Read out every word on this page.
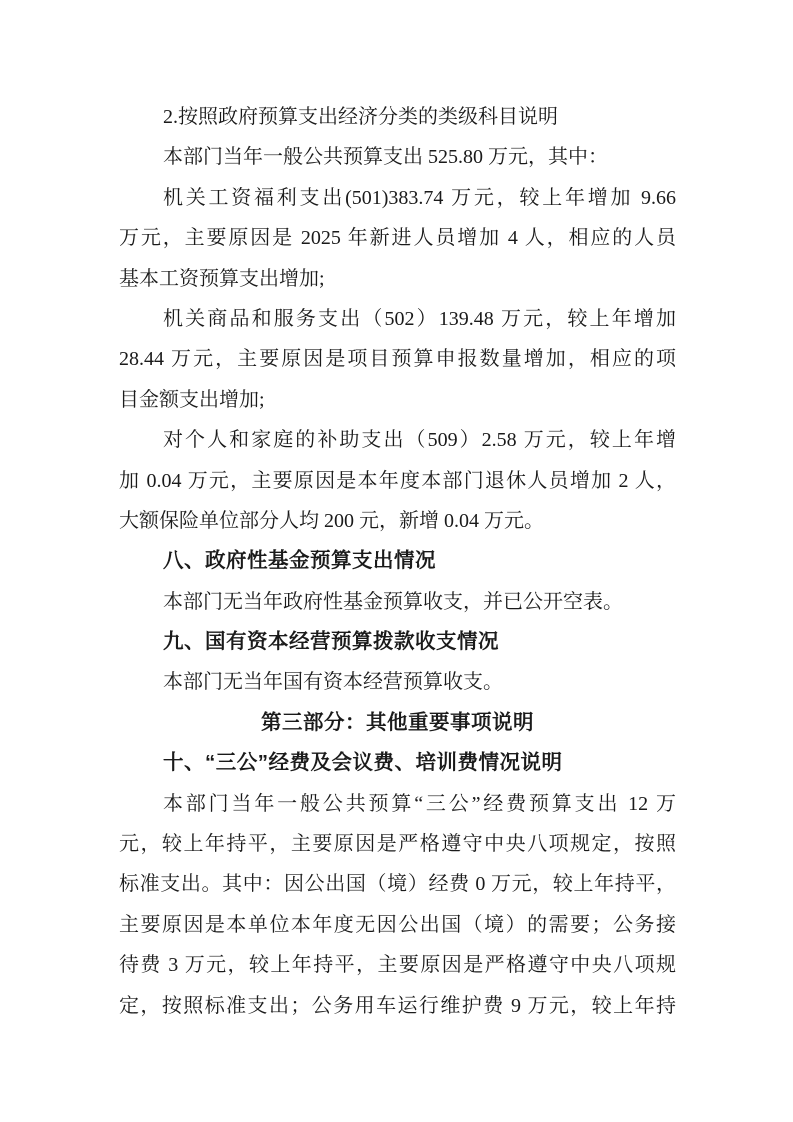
2.按照政府预算支出经济分类的类级科目说明
本部门当年一般公共预算支出 525.80 万元，其中：
机关工资福利支出(501)383.74 万元，较上年增加 9.66
万元，主要原因是 2025 年新进人员增加 4 人，相应的人员
基本工资预算支出增加;
机关商品和服务支出（502）139.48 万元，较上年增加
28.44 万元，主要原因是项目预算申报数量增加，相应的项
目金额支出增加;
对个人和家庭的补助支出（509）2.58 万元，较上年增
加 0.04 万元，主要原因是本年度本部门退休人员增加 2 人，
大额保险单位部分人均 200 元，新增 0.04 万元。
八、政府性基金预算支出情况
本部门无当年政府性基金预算收支，并已公开空表。
九、国有资本经营预算拨款收支情况
本部门无当年国有资本经营预算收支。
第三部分：其他重要事项说明
十、“三公”经费及会议费、培训费情况说明
本部门当年一般公共预算“三公”经费预算支出 12 万
元，较上年持平，主要原因是严格遵守中央八项规定，按照
标准支出。其中：因公出国（境）经费 0 万元，较上年持平，
主要原因是本单位本年度无因公出国（境）的需要；公务接
待费 3 万元，较上年持平，主要原因是严格遵守中央八项规
定，按照标准支出；公务用车运行维护费 9 万元，较上年持
